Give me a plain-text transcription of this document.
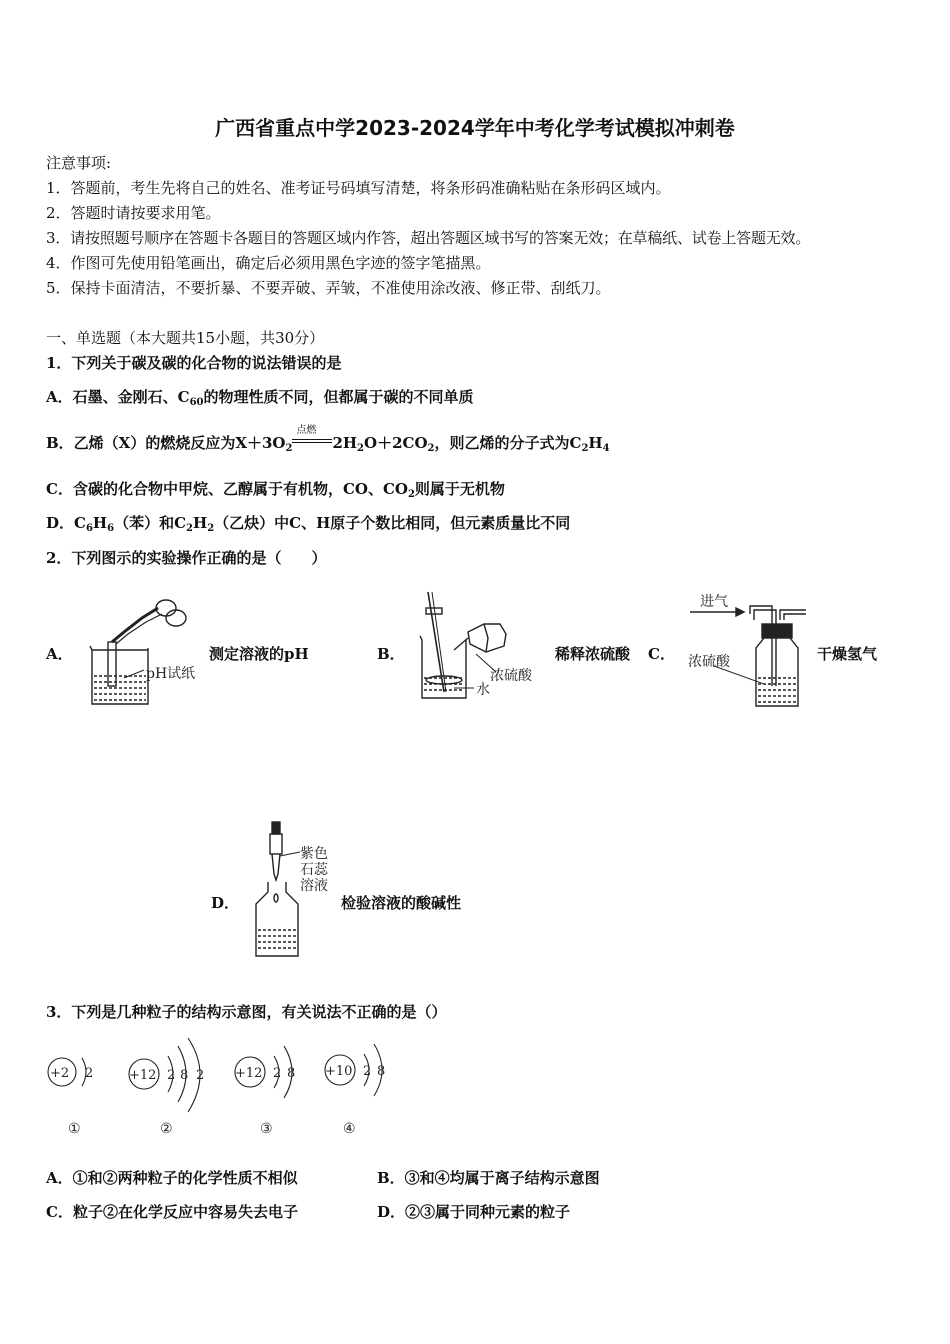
广西省重点中学2023-2024学年中考化学考试模拟冲刺卷
注意事项:
1．答题前，考生先将自己的姓名、准考证号码填写清楚，将条形码准确粘贴在条形码区域内。
2．答题时请按要求用笔。
3．请按照题号顺序在答题卡各题目的答题区域内作答，超出答题区域书写的答案无效；在草稿纸、试卷上答题无效。
4．作图可先使用铅笔画出，确定后必须用黑色字迹的签字笔描黑。
5．保持卡面清洁，不要折暴、不要弄破、弄皱，不准使用涂改液、修正带、刮纸刀。
一、单选题（本大题共15小题，共30分）
1．下列关于碳及碳的化合物的说法错误的是
A．石墨、金刚石、$C_{60}$的物理性质不同，但都属于碳的不同单质
B．乙烯（X）的燃烧反应为$X+3O_2$
点燃
$2H_2O+2CO_2$，则乙烯的分子式为$C_2H_4$
C．含碳的化合物中甲烷、乙醇属于有机物，CO、$CO_2$则属于无机物
D．$C_6H_6$（苯）和$C_2H_2$（乙炔）中C、H原子个数比相同，但元素质量比不同
2．下列图示的实验操作正确的是（　　）
A．
pH试纸
测定溶液的pH	B．
浓硫酸
水
稀释浓硫酸 C．
进气
浓硫酸	干燥氢气
D．
紫色
石蕊
溶液
检验溶液的酸碱性
3．下列是几种粒子的结构示意图，有关说法不正确的是（）
+2 2
①
+12 2 8 2
②
+12 2 8
③
+10 2 8
④
A．①和②两种粒子的化学性质不相似	B．③和④均属于离子结构示意图
C．粒子②在化学反应中容易失去电子	D．②③属于同种元素的粒子
